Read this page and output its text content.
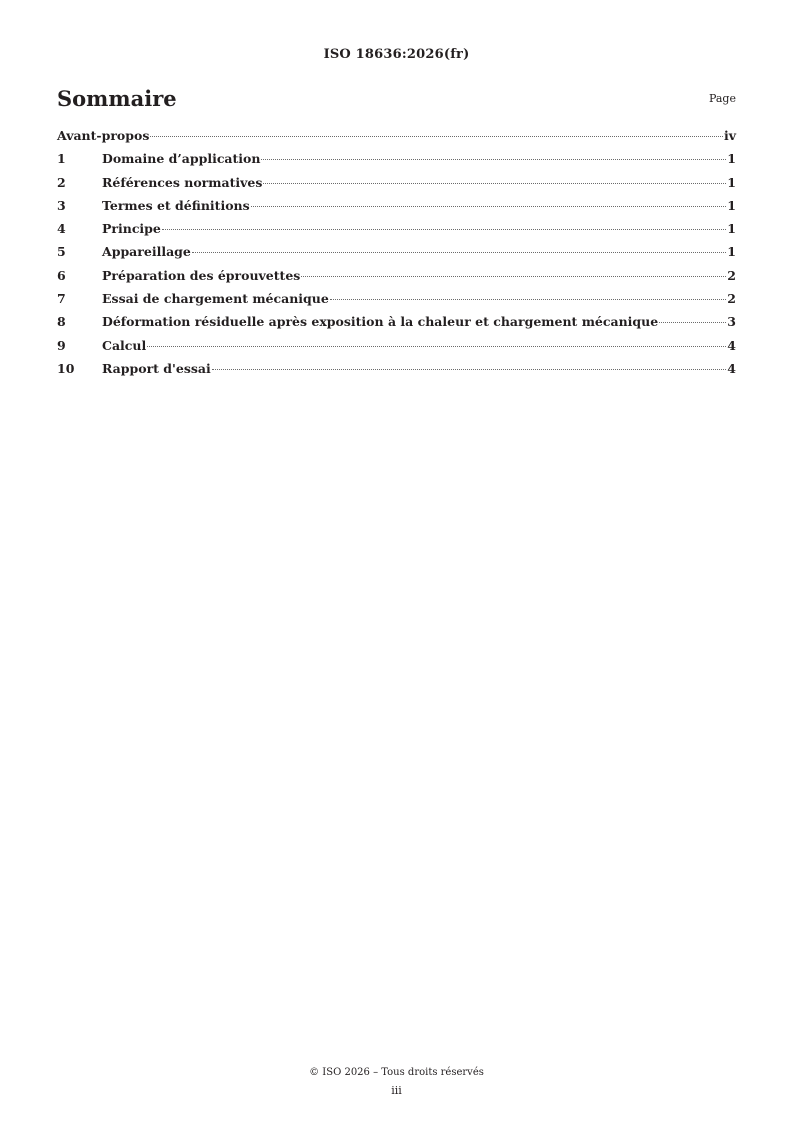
ISO 18636:2026(fr)
Sommaire	Page
Avant-propos	iv
1	Domaine d’application	1
2	Références normatives	1
3	Termes et définitions	1
4	Principe	1
5	Appareillage	1
6	Préparation des éprouvettes	2
7	Essai de chargement mécanique	2
8	Déformation résiduelle après exposition à la chaleur et chargement mécanique	3
9	Calcul	4
10	Rapport d'essai	4
© ISO 2026 – Tous droits réservés
iii
